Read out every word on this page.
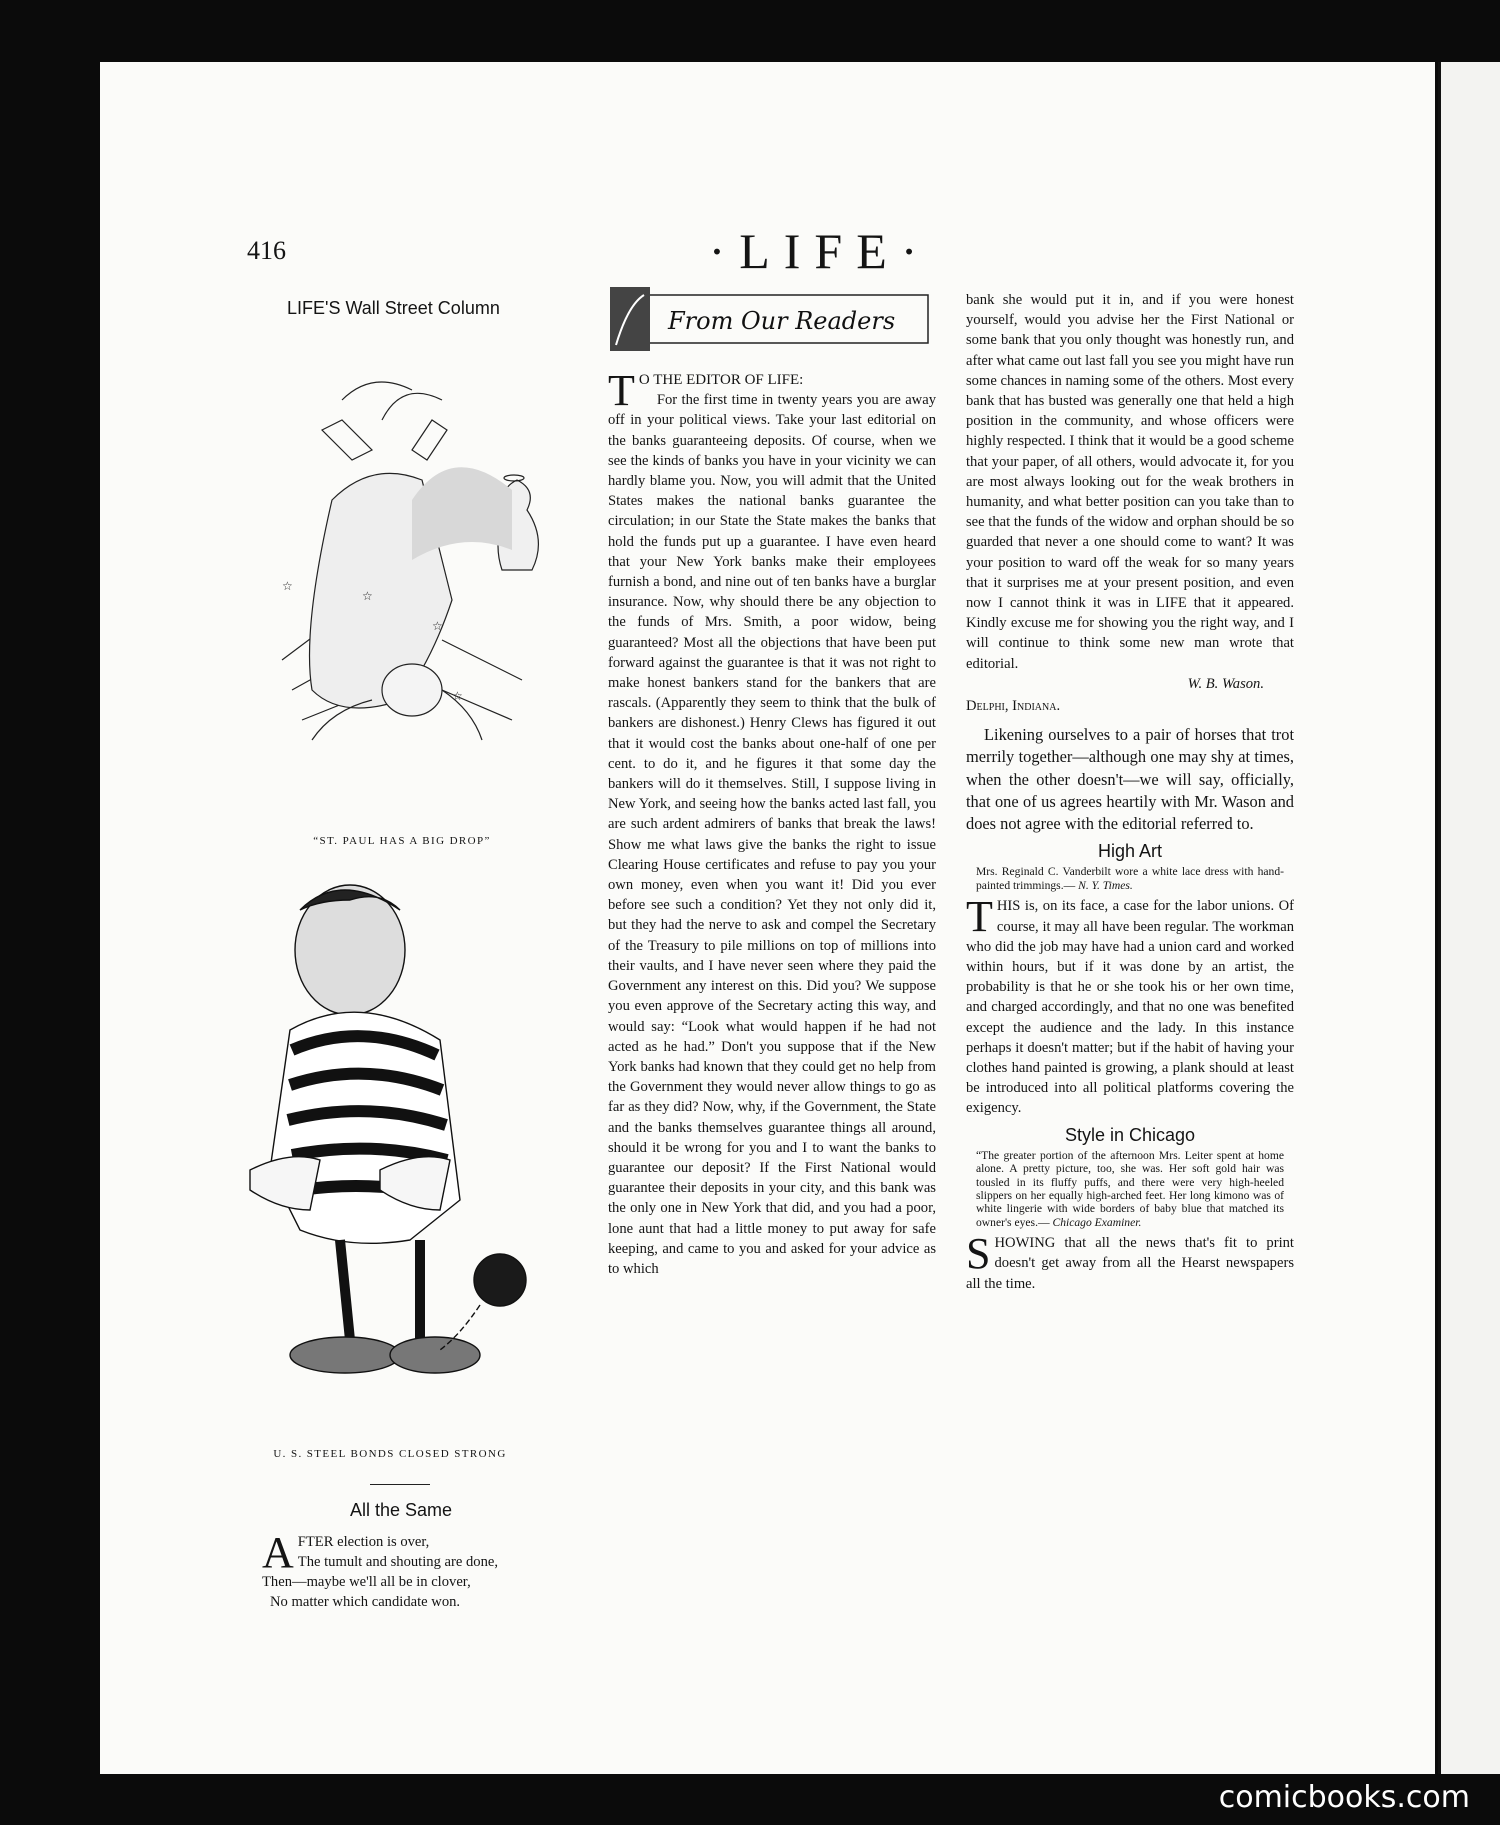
416	·LIFE·
LIFE'S Wall Street Column
☆
☆
☆
☆
“ST. PAUL HAS A BIG DROP”
U. S. STEEL BONDS CLOSED STRONG
All the Same
A FTER election is over,
The tumult and shouting are done,
Then—maybe we'll all be in clover,
No matter which candidate won.
From Our Readers

T O THE EDITOR OF LIFE:

For the first time in twenty years you are away off in your political views. Take your last editorial on the banks guaranteeing deposits. Of course, when we see the kinds of banks you have in your vicinity we can hardly blame you. Now, you will admit that the United States makes the national banks guarantee the circulation; in our State the State makes the banks that hold the funds put up a guarantee. I have even heard that your New York banks make their employees furnish a bond, and nine out of ten banks have a burglar insurance. Now, why should there be any objection to the funds of Mrs. Smith, a poor widow, being guaranteed? Most all the objections that have been put forward against the guarantee is that it was not right to make honest bankers stand for the bankers that are rascals. (Apparently they seem to think that the bulk of bankers are dishonest.) Henry Clews has figured it out that it would cost the banks about one-half of one per cent. to do it, and he figures it that some day the bankers will do it themselves. Still, I suppose living in New York, and seeing how the banks acted last fall, you are such ardent admirers of banks that break the laws! Show me what laws give the banks the right to issue Clearing House certificates and refuse to pay you your own money, even when you want it! Did you ever before see such a condition? Yet they not only did it, but they had the nerve to ask and compel the Secretary of the Treasury to pile millions on top of millions into their vaults, and I have never seen where they paid the Government any interest on this. Did you? We suppose you even approve of the Secretary acting this way, and would say: “Look what would happen if he had not acted as he had.” Don't you suppose that if the New York banks had known that they could get no help from the Government they would never allow things to go as far as they did? Now, why, if the Government, the State and the banks themselves guarantee things all around, should it be wrong for you and I to want the banks to guarantee our deposit? If the First National would guarantee their deposits in your city, and this bank was the only one in New York that did, and you had a poor, lone aunt that had a little money to put away for safe keeping, and came to you and asked for your advice as to which

bank she would put it in, and if you were honest yourself, would you advise her the First National or some bank that you only thought was honestly run, and after what came out last fall you see you might have run some chances in naming some of the others. Most every bank that has busted was generally one that held a high position in the community, and whose officers were highly respected. I think that it would be a good scheme that your paper, of all others, would advocate it, for you are most always looking out for the weak brothers in humanity, and what better position can you take than to see that the funds of the widow and orphan should be so guarded that never a one should come to want? It was your position to ward off the weak for so many years that it surprises me at your present position, and even now I cannot think it was in LIFE that it appeared. Kindly excuse me for showing you the right way, and I will continue to think some new man wrote that editorial.

W. B. Wason.

Delphi, Indiana.

Likening ourselves to a pair of horses that trot merrily together—although one may shy at times, when the other doesn't—we will say, officially, that one of us agrees heartily with Mr. Wason and does not agree with the editorial referred to.

High Art

Mrs. Reginald C. Vanderbilt wore a white lace dress with hand-painted trimmings.— N. Y. Times.

T HIS is, on its face, a case for the labor unions. Of course, it may all have been regular. The workman who did the job may have had a union card and worked within hours, but if it was done by an artist, the probability is that he or she took his or her own time, and charged accordingly, and that no one was benefited except the audience and the lady. In this instance perhaps it doesn't matter; but if the habit of having your clothes hand painted is growing, a plank should at least be introduced into all political platforms covering the exigency.

Style in Chicago

“The greater portion of the afternoon Mrs. Leiter spent at home alone. A pretty picture, too, she was. Her soft gold hair was tousled in its fluffy puffs, and there were very high-heeled slippers on her equally high-arched feet. Her long kimono was of white lingerie with wide borders of baby blue that matched its owner's eyes.— Chicago Examiner.

S HOWING that all the news that's fit to print doesn't get away from all the Hearst newspapers all the time.

comicbooks.com
